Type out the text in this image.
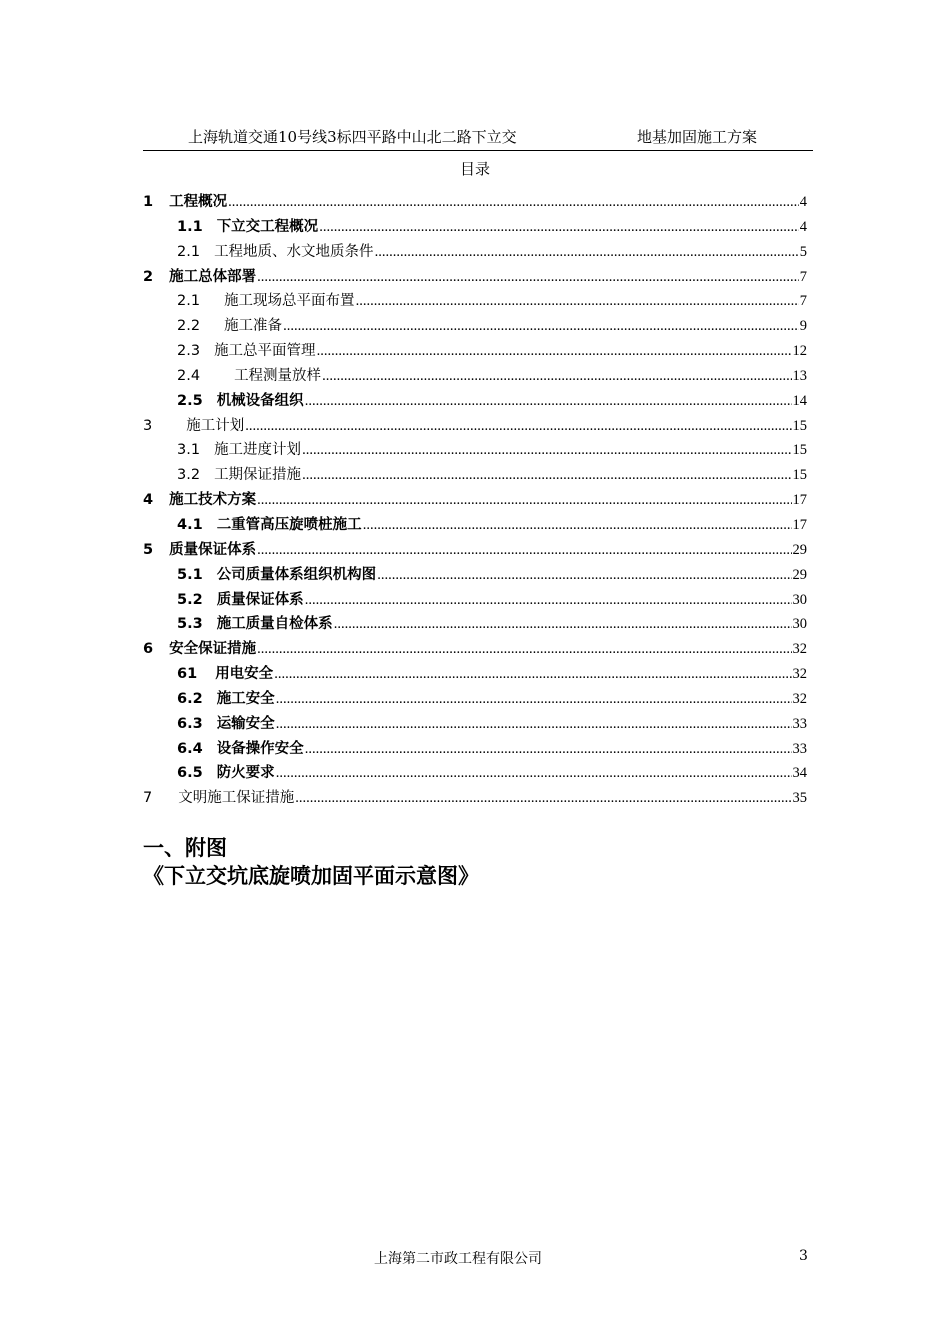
上海轨道交通10号线3标四平路中山北二路下立交	地基加固施工方案
目录
1 工程概况 .....	4
1.1 下立交工程概况 .....	4
2.1 工程地质、水文地质条件 .....	5
2 施工总体部署 .....	7
2.1 施工现场总平面布置 .....	7
2.2 施工准备 .....	9
2.3 施工总平面管理 .....	12
2.4 工程测量放样 .....	13
2.5 机械设备组织 .....	14
3 施工计划 .....	15
3.1 施工进度计划 .....	15
3.2 工期保证措施 .....	15
4 施工技术方案 .....	17
4.1 二重管高压旋喷桩施工 .....	17
5 质量保证体系 .....	29
5.1 公司质量体系组织机构图 .....	29
5.2 质量保证体系 .....	30
5.3 施工质量自检体系 .....	30
6 安全保证措施 .....	32
61 用电安全 .....	32
6.2 施工安全 .....	32
6.3 运输安全 .....	33
6.4 设备操作安全 .....	33
6.5 防火要求 .....	34
7 文明施工保证措施 .....	35
一、附图
《下立交坑底旋喷加固平面示意图》
上海第二市政工程有限公司	3
